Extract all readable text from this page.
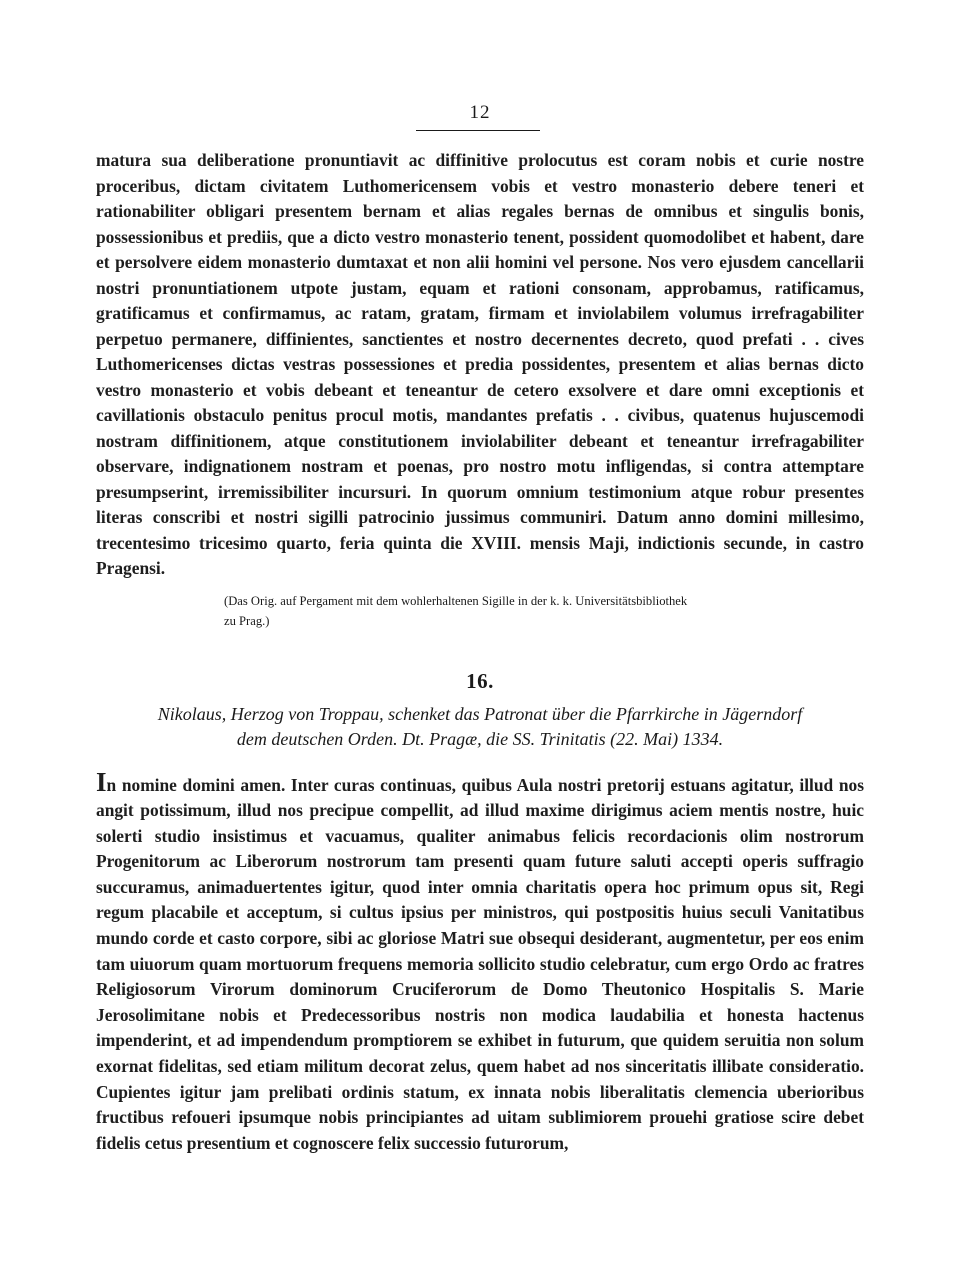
12

matura sua deliberatione pronuntiavit ac diffinitive prolocutus est coram nobis et curie nostre proceribus, dictam civitatem Luthomericensem vobis et vestro monasterio debere teneri et rationabiliter obligari presentem bernam et alias regales bernas de omnibus et singulis bonis, possessionibus et prediis, que a dicto vestro monasterio tenent, possident quomodolibet et habent, dare et persolvere eidem monasterio dumtaxat et non alii homini vel persone. Nos vero ejusdem cancellarii nostri pronuntiationem utpote justam, equam et rationi consonam, approbamus, ratificamus, gratificamus et confirmamus, ac ratam, gratam, firmam et inviolabilem volumus irrefragabiliter perpetuo permanere, diffinientes, sanctientes et nostro decernentes decreto, quod prefati . . cives Luthomericenses dictas vestras possessiones et predia possidentes, presentem et alias bernas dicto vestro monasterio et vobis debeant et teneantur de cetero exsolvere et dare omni exceptionis et cavillationis obstaculo penitus procul motis, mandantes prefatis . . civibus, quatenus hujuscemodi nostram diffinitionem, atque constitutionem inviolabiliter debeant et teneantur irrefragabiliter observare, indignationem nostram et poenas, pro nostro motu infligendas, si contra attemptare presumpserint, irremissibiliter incursuri. In quorum omnium testimonium atque robur presentes literas conscribi et nostri sigilli patrocinio jussimus communiri. Datum anno domini millesimo, trecentesimo tricesimo quarto, feria quinta die XVIII. mensis Maji, indictionis secunde, in castro Pragensi.

(Das Orig. auf Pergament mit dem wohlerhaltenen Sigille in der k. k. Universitätsbibliothek
zu Prag.)
16.
Nikolaus, Herzog von Troppau, schenket das Patronat über die Pfarrkirche in Jägerndorf
dem deutschen Orden. Dt. Pragæ, die SS. Trinitatis (22. Mai) 1334.

In nomine domini amen. Inter curas continuas, quibus Aula nostri pretorij estuans agitatur, illud nos angit potissimum, illud nos precipue compellit, ad illud maxime dirigimus aciem mentis nostre, huic solerti studio insistimus et vacuamus, qualiter animabus felicis recordacionis olim nostrorum Progenitorum ac Liberorum nostrorum tam presenti quam future saluti accepti operis suffragio succuramus, animaduertentes igitur, quod inter omnia charitatis opera hoc primum opus sit, Regi regum placabile et acceptum, si cultus ipsius per ministros, qui postpositis huius seculi Vanitatibus mundo corde et casto corpore, sibi ac gloriose Matri sue obsequi desiderant, augmentetur, per eos enim tam uiuorum quam mortuorum frequens memoria sollicito studio celebratur, cum ergo Ordo ac fratres Religiosorum Virorum dominorum Cruciferorum de Domo Theutonico Hospitalis S. Marie Jerosolimitane nobis et Predecessoribus nostris non modica laudabilia et honesta hactenus impenderint, et ad impendendum promptiorem se exhibet in futurum, que quidem seruitia non solum exornat fidelitas, sed etiam militum decorat zelus, quem habet ad nos sinceritatis illibate consideratio. Cupientes igitur jam prelibati ordinis statum, ex innata nobis liberalitatis clemencia uberioribus fructibus refoueri ipsumque nobis principiantes ad uitam sublimiorem prouehi gratiose scire debet fidelis cetus presentium et cognoscere felix successio futurorum,
